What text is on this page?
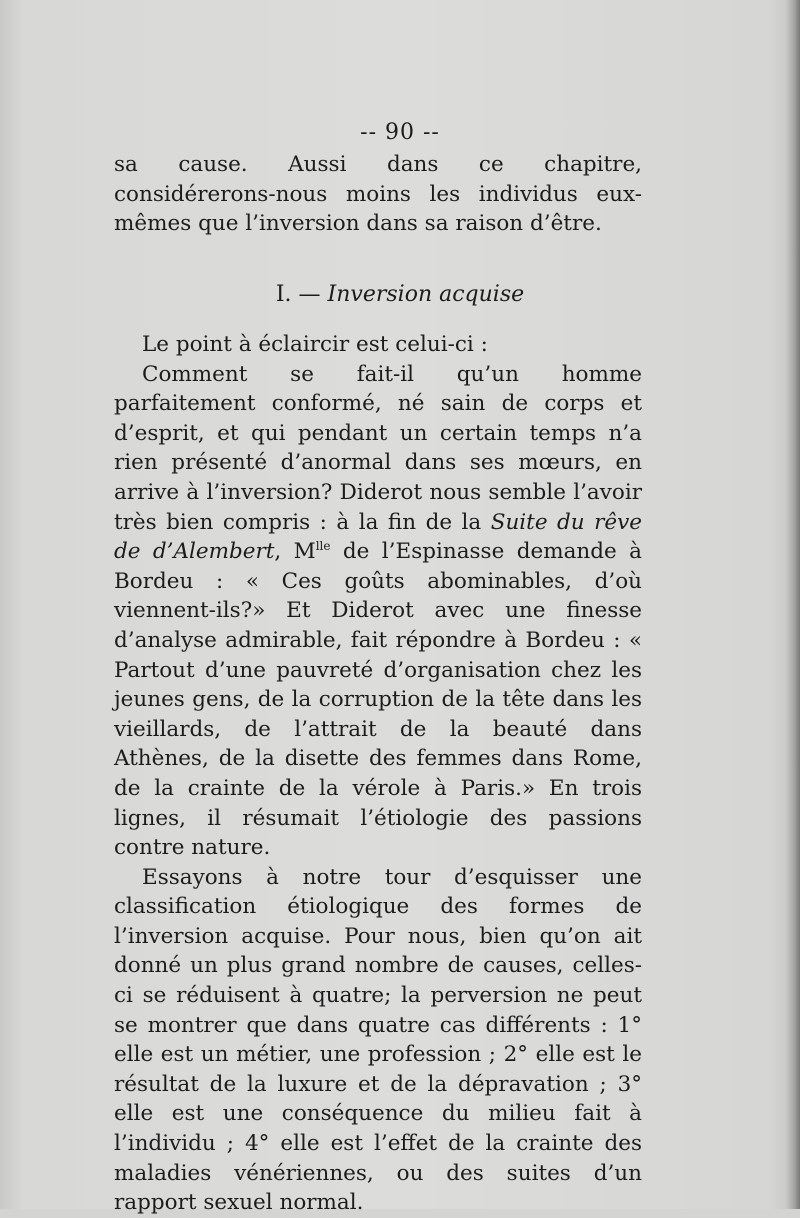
-- 90 --

sa cause. Aussi dans ce chapitre, considérerons-nous moins les individus eux-mêmes que l’inversion dans sa raison d’être.

I. — Inversion acquise

Le point à éclaircir est celui-ci :

Comment se fait-il qu’un homme parfaitement conformé, né sain de corps et d’esprit, et qui pendant un certain temps n’a rien présenté d’anormal dans ses mœurs, en arrive à l’inversion? Diderot nous semble l’avoir très bien compris : à la fin de la Suite du rêve de d’Alembert, $M^{lle}$ de l’Espinasse demande à Bordeu : « Ces goûts abominables, d’où viennent-ils?» Et Diderot avec une finesse d’analyse admirable, fait répondre à Bordeu : « Partout d’une pauvreté d’organisation chez les jeunes gens, de la corruption de la tête dans les vieillards, de l’attrait de la beauté dans Athènes, de la disette des femmes dans Rome, de la crainte de la vérole à Paris.» En trois lignes, il résumait l’étiologie des passions contre nature.

Essayons à notre tour d’esquisser une classification étiologique des formes de l’inversion acquise. Pour nous, bien qu’on ait donné un plus grand nombre de causes, celles-ci se réduisent à quatre; la perversion ne peut se montrer que dans quatre cas différents : 1° elle est un métier, une profession ; 2° elle est le résultat de la luxure et de la dépravation ; 3° elle est une conséquence du milieu fait à l’individu ; 4° elle est l’effet de la crainte des maladies vénériennes, ou des suites d’un rapport sexuel normal.
